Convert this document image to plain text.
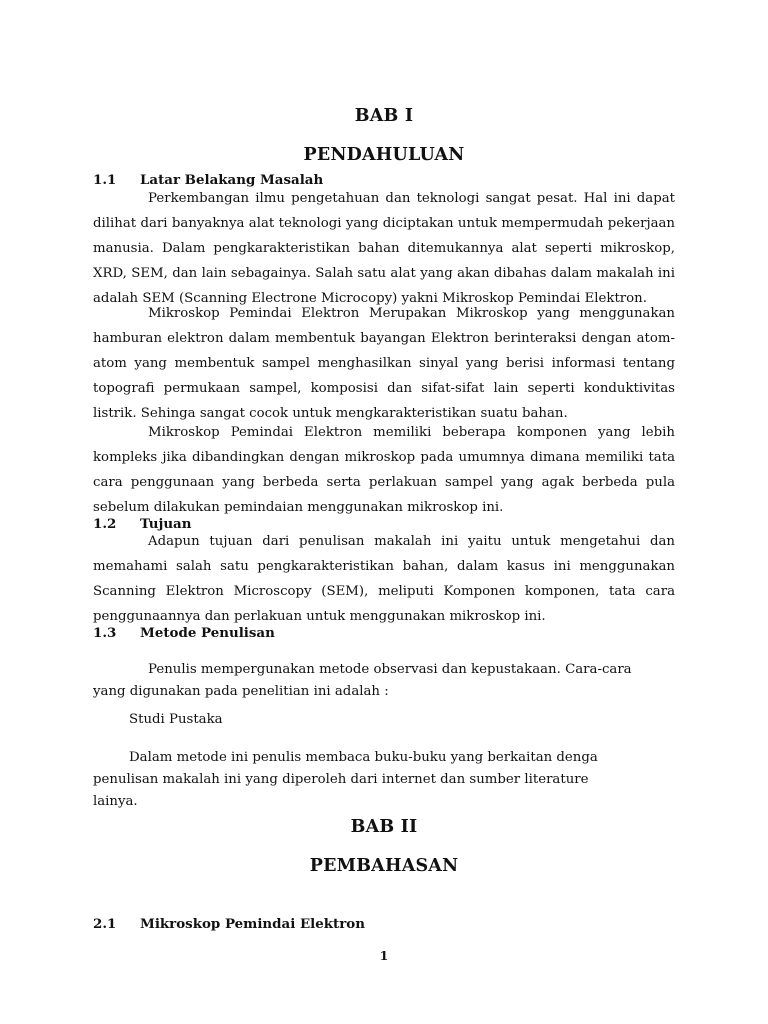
BAB I
PENDAHULUAN
1.1 Latar Belakang Masalah

Perkembangan ilmu pengetahuan dan teknologi sangat pesat. Hal ini dapat dilihat dari banyaknya alat teknologi yang diciptakan untuk mempermudah pekerjaan manusia. Dalam pengkarakteristikan bahan ditemukannya alat seperti mikroskop, XRD, SEM, dan lain sebagainya. Salah satu alat yang akan dibahas dalam makalah ini adalah SEM (Scanning Electrone Microcopy) yakni Mikroskop Pemindai Elektron.

Mikroskop Pemindai Elektron Merupakan Mikroskop yang menggunakan hamburan elektron dalam membentuk bayangan Elektron berinteraksi dengan atom-atom yang membentuk sampel menghasilkan sinyal yang berisi informasi tentang topografi permukaan sampel, komposisi dan sifat-sifat lain seperti konduktivitas listrik. Sehinga sangat cocok untuk mengkarakteristikan suatu bahan.

Mikroskop Pemindai Elektron memiliki beberapa komponen yang lebih kompleks jika dibandingkan dengan mikroskop pada umumnya dimana memiliki tata cara penggunaan yang berbeda serta perlakuan sampel yang agak berbeda pula sebelum dilakukan pemindaian menggunakan mikroskop ini.

1.2 Tujuan

Adapun tujuan dari penulisan makalah ini yaitu untuk mengetahui dan memahami salah satu pengkarakteristikan bahan, dalam kasus ini menggunakan Scanning Elektron Microscopy (SEM), meliputi Komponen komponen, tata cara penggunaannya dan perlakuan untuk menggunakan mikroskop ini.

1.3 Metode Penulisan

Penulis mempergunakan metode observasi dan kepustakaan. Cara-cara yang digunakan pada penelitian ini adalah :

Studi Pustaka

Dalam metode ini penulis membaca buku-buku yang berkaitan denga penulisan makalah ini yang diperoleh dari internet dan sumber literature lainya.

BAB II
PEMBAHASAN
2.1 Mikroskop Pemindai Elektron
1
